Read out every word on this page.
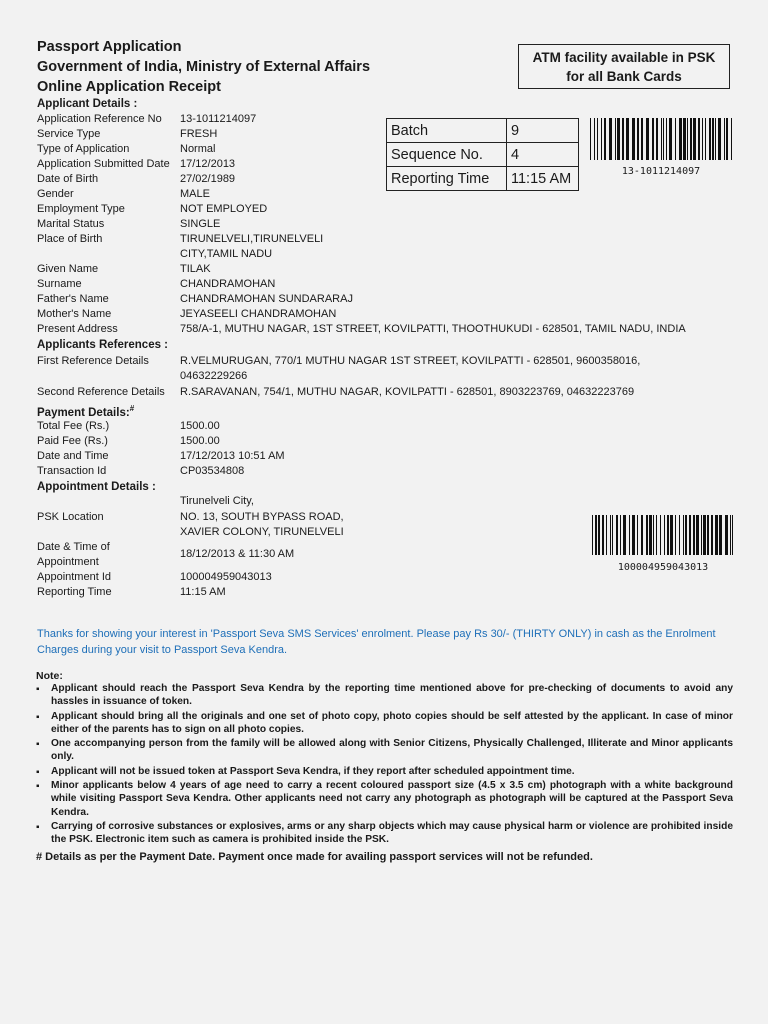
Passport Application
Government of India, Ministry of External Affairs
Online Application Receipt
ATM facility available in PSK
for all Bank Cards
Batch	9
Sequence No.	4
Reporting Time	11:15 AM	13-1011214097
Applicant Details :
Application Reference No 13-1011214097
Service Type	FRESH
Type of Application	Normal
Application Submitted Date 17/12/2013
Date of Birth	27/02/1989
Gender	MALE
Employment Type	NOT EMPLOYED
Marital Status	SINGLE
Place of Birth	TIRUNELVELI,TIRUNELVELI
CITY,TAMIL NADU
Given Name	TILAK
Surname	CHANDRAMOHAN
Father's Name	CHANDRAMOHAN SUNDARARAJ
Mother's Name	JEYASEELI CHANDRAMOHAN
Present Address	758/A-1, MUTHU NAGAR, 1ST STREET, KOVILPATTI, THOOTHUKUDI - 628501, TAMIL NADU, INDIA
Applicants References :
First Reference Details	R.VELMURUGAN, 770/1 MUTHU NAGAR 1ST STREET, KOVILPATTI - 628501, 9600358016,
04632229266
Second Reference Details R.SARAVANAN, 754/1, MUTHU NAGAR, KOVILPATTI - 628501, 8903223769, 04632223769
Payment Details:#
Total Fee (Rs.)	1500.00
Paid Fee (Rs.)	1500.00
Date and Time	17/12/2013 10:51 AM
Transaction Id	CP03534808
Appointment Details :
Tirunelveli City,
PSK Location	NO. 13, SOUTH BYPASS ROAD,
XAVIER COLONY, TIRUNELVELI
Date & Time of
Appointment
18/12/2013 & 11:30 AM
Appointment Id	100004959043013
Reporting Time	11:15 AM
100004959043013
Thanks for showing your interest in 'Passport Seva SMS Services' enrolment. Please pay Rs 30/- (THIRTY ONLY) in cash as the Enrolment Charges during your visit to Passport Seva Kendra.
Note:
▪ Applicant should reach the Passport Seva Kendra by the reporting time mentioned above for pre-checking of documents to avoid any hassles in issuance of token.
▪ Applicant should bring all the originals and one set of photo copy, photo copies should be self attested by the applicant. In case of minor either of the parents has to sign on all photo copies.
▪ One accompanying person from the family will be allowed along with Senior Citizens, Physically Challenged, Illiterate and Minor applicants only.
▪ Applicant will not be issued token at Passport Seva Kendra, if they report after scheduled appointment time.
▪ Minor applicants below 4 years of age need to carry a recent coloured passport size (4.5 x 3.5 cm) photograph with a white background while visiting Passport Seva Kendra. Other applicants need not carry any photograph as photograph will be captured at the Passport Seva Kendra.
▪ Carrying of corrosive substances or explosives, arms or any sharp objects which may cause physical harm or violence are prohibited inside the PSK. Electronic item such as camera is prohibited inside the PSK.
# Details as per the Payment Date. Payment once made for availing passport services will not be refunded.
